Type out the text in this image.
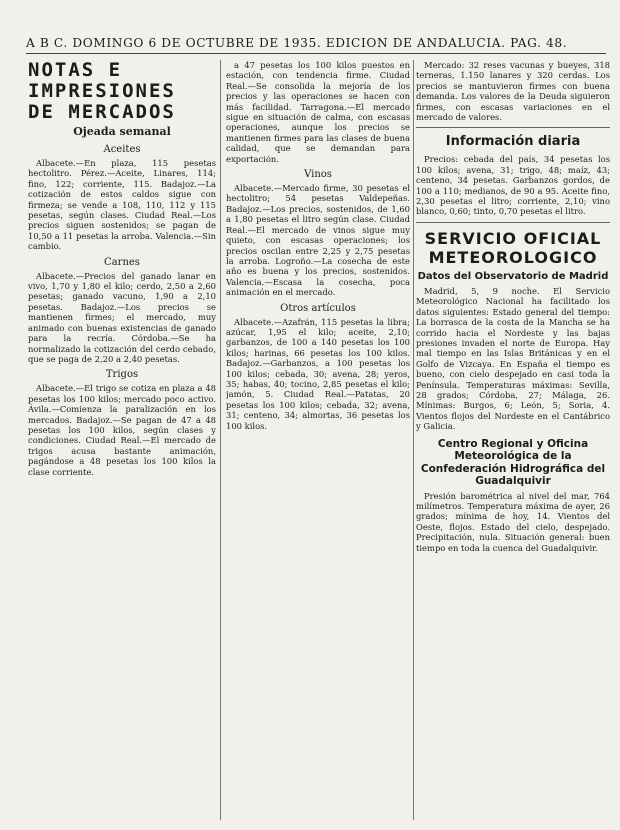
A B C. DOMINGO 6 DE OCTUBRE DE 1935. EDICION DE ANDALUCIA. PAG. 48.
NOTAS E IMPRESIONES DE MERCADOS
Ojeada semanal
Aceites

Albacete.—En plaza, 115 pesetas hectolitro. Pérez.—Aceite, Linares, 114; fino, 122; corriente, 115. Badajoz.—La cotización de estos caldos sigue con firmeza; se vende a 108, 110, 112 y 115 pesetas, según clases. Ciudad Real.—Los precios siguen sostenidos; se pagan de 10,50 a 11 pesetas la arroba. Valencia.—Sin cambio.

Carnes

Albacete.—Precios del ganado lanar en vivo, 1,70 y 1,80 el kilo; cerdo, 2,50 a 2,60 pesetas; ganado vacuno, 1,90 a 2,10 pesetas. Badajoz.—Los precios se mantienen firmes; el mercado, muy animado con buenas existencias de ganado para la recría. Córdoba.—Se ha normalizado la cotización del cerdo cebado, que se paga de 2,20 a 2,40 pesetas.

Trigos

Albacete.—El trigo se cotiza en plaza a 48 pesetas los 100 kilos; mercado poco activo. Ávila.—Comienza la paralización en los mercados. Badajoz.—Se pagan de 47 a 48 pesetas los 100 kilos, según clases y condiciones. Ciudad Real.—El mercado de trigos acusa bastante animación, pagándose a 48 pesetas los 100 kilos la clase corriente.

a 47 pesetas los 100 kilos puestos en estación, con tendencia firme. Ciudad Real.—Se consolida la mejoría de los precios y las operaciones se hacen con más facilidad. Tarragona.—El mercado sigue en situación de calma, con escasas operaciones, aunque los precios se mantienen firmes para las clases de buena calidad, que se demandan para exportación.

Vinos

Albacete.—Mercado firme, 30 pesetas el hectolitro; 54 pesetas Valdepeñas. Badajoz.—Los precios, sostenidos, de 1,60 a 1,80 pesetas el litro según clase. Ciudad Real.—El mercado de vinos sigue muy quieto, con escasas operaciones; los precios oscilan entre 2,25 y 2,75 pesetas la arroba. Logroño.—La cosecha de este año es buena y los precios, sostenidos. Valencia.—Escasa la cosecha, poca animación en el mercado.

Otros artículos

Albacete.—Azafrán, 115 pesetas la libra; azúcar, 1,95 el kilo; aceite, 2,10; garbanzos, de 100 a 140 pesetas los 100 kilos; harinas, 66 pesetas los 100 kilos. Badajoz.—Garbanzos, a 100 pesetas los 100 kilos; cebada, 30; avena, 28; yeros, 35; habas, 40; tocino, 2,85 pesetas el kilo; jamón, 5. Ciudad Real.—Patatas, 20 pesetas los 100 kilos; cebada, 32; avena, 31; centeno, 34; almortas, 36 pesetas los 100 kilos.

Mercado: 32 reses vacunas y bueyes, 318 terneras, 1.150 lanares y 320 cerdas. Los precios se mantuvieron firmes con buena demanda. Los valores de la Deuda siguieron firmes, con escasas variaciones en el mercado de valores.

Información diaria

Precios: cebada del país, 34 pesetas los 100 kilos; avena, 31; trigo, 48; maíz, 43; centeno, 34 pesetas. Garbanzos gordos, de 100 a 110; medianos, de 90 a 95. Aceite fino, 2,30 pesetas el litro; corriente, 2,10; vino blanco, 0,60; tinto, 0,70 pesetas el litro.

SERVICIO OFICIAL METEOROLOGICO
Datos del Observatorio de Madrid

Madrid, 5, 9 noche. El Servicio Meteorológico Nacional ha facilitado los datos siguientes: Estado general del tiempo: La borrasca de la costa de la Mancha se ha corrido hacia el Nordeste y las bajas presiones invaden el norte de Europa. Hay mal tiempo en las Islas Británicas y en el Golfo de Vizcaya. En España el tiempo es bueno, con cielo despejado en casi toda la Península. Temperaturas máximas: Sevilla, 28 grados; Córdoba, 27; Málaga, 26. Mínimas: Burgos, 6; León, 5; Soria, 4. Vientos flojos del Nordeste en el Cantábrico y Galicia.

Centro Regional y Oficina Meteorológica de la Confederación Hidrográfica del Guadalquivir

Presión barométrica al nivel del mar, 764 milímetros. Temperatura máxima de ayer, 26 grados; mínima de hoy, 14. Vientos del Oeste, flojos. Estado del cielo, despejado. Precipitación, nula. Situación general: buen tiempo en toda la cuenca del Guadalquivir.
